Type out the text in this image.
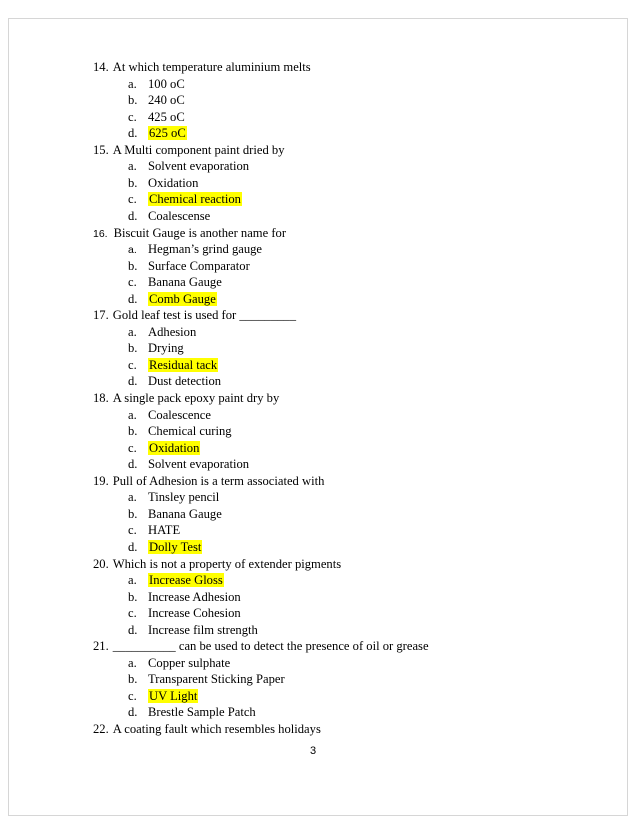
14. At which temperature aluminium melts
a. 100 oC
b. 240 oC
c. 425 oC
d. 625 oC
15. A Multi component paint dried by
a. Solvent evaporation
b. Oxidation
c. Chemical reaction
d. Coalescense
16. Biscuit Gauge is another name for
a. Hegman’s grind gauge
b. Surface Comparator
c. Banana Gauge
d. Comb Gauge
17. Gold leaf test is used for _________
a. Adhesion
b. Drying
c. Residual tack
d. Dust detection
18. A single pack epoxy paint dry by
a. Coalescence
b. Chemical curing
c. Oxidation
d. Solvent evaporation
19. Pull of Adhesion is a term associated with
a. Tinsley pencil
b. Banana Gauge
c. HATE
d. Dolly Test
20. Which is not a property of extender pigments
a. Increase Gloss
b. Increase Adhesion
c. Increase Cohesion
d. Increase film strength
21. __________ can be used to detect the presence of oil or grease
a. Copper sulphate
b. Transparent Sticking Paper
c. UV Light
d. Brestle Sample Patch
22. A coating fault which resembles holidays
3
